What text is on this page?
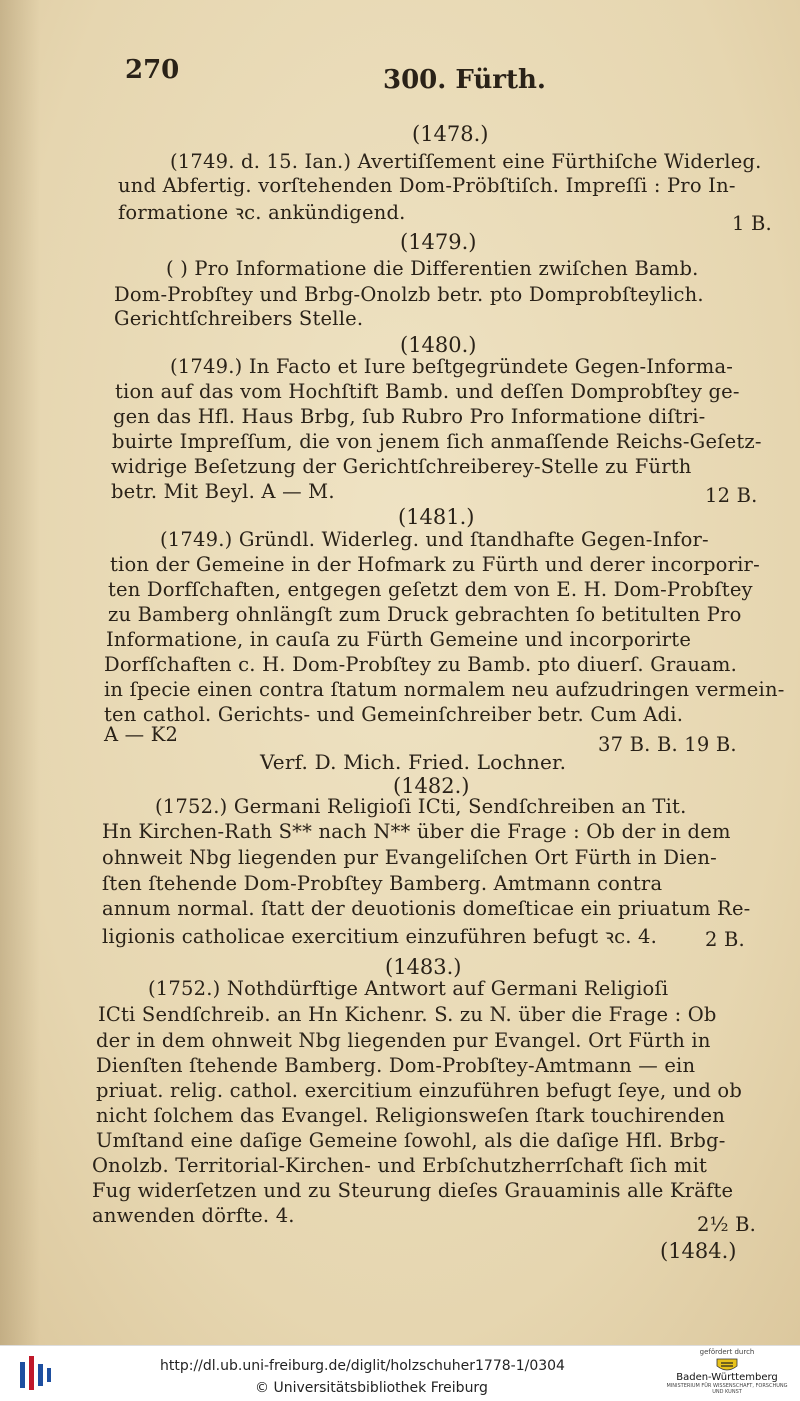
270	300. Fürth.
(1478.)
(1749. d. 15. Ian.) Avertiſſement eine Fürthiſche Widerleg.
und Abfertig. vorſtehenden Dom-Pröbſtiſch. Impreſſi : Pro In-
formatione ꝛc. ankündigend.	1 B.
(1479.)
( ) Pro Informatione die Differentien zwiſchen Bamb.
Dom-Probſtey und Brbg-Onolzb betr. pto Domprobſteylich.
Gerichtſchreibers Stelle.
(1480.)
(1749.) In Facto et Iure beſtgegründete Gegen-Informa-
tion auf das vom Hochſtift Bamb. und deſſen Domprobſtey ge-
gen das Hfl. Haus Brbg, ſub Rubro Pro Informatione diſtri-
buirte Impreſſum, die von jenem ſich anmaſſende Reichs-Geſetz-
widrige Beſetzung der Gerichtſchreiberey-Stelle zu Fürth
betr. Mit Beyl. A — M.	12 B.
(1481.)
(1749.) Gründl. Widerleg. und ſtandhafte Gegen-Infor-
tion der Gemeine in der Hofmark zu Fürth und derer incorporir-
ten Dorfſchaften, entgegen geſetzt dem von E. H. Dom-Probſtey
zu Bamberg ohnlängſt zum Druck gebrachten ſo betitulten Pro
Informatione, in cauſa zu Fürth Gemeine und incorporirte
Dorfſchaften c. H. Dom-Probſtey zu Bamb. pto diuerſ. Grauam.
in ſpecie einen contra ſtatum normalem neu aufzudringen vermein-
ten cathol. Gerichts- und Gemeinſchreiber betr. Cum Adi.
A — K2	37 B. B. 19 B.
Verf. D. Mich. Fried. Lochner.
(1482.)
(1752.) Germani Religioſi ICti, Sendſchreiben an Tit.
Hn Kirchen-Rath S** nach N** über die Frage : Ob der in dem
ohnweit Nbg liegenden pur Evangeliſchen Ort Fürth in Dien-
ſten ſtehende Dom-Probſtey Bamberg. Amtmann contra
annum normal. ſtatt der deuotionis domeſticae ein priuatum Re-
ligionis catholicae exercitium einzuführen befugt ꝛc. 4. 2 B.
(1483.)
(1752.) Nothdürftige Antwort auf Germani Religioſi
ICti Sendſchreib. an Hn Kichenr. S. zu N. über die Frage : Ob
der in dem ohnweit Nbg liegenden pur Evangel. Ort Fürth in
Dienſten ſtehende Bamberg. Dom-Probſtey-Amtmann — ein
priuat. relig. cathol. exercitium einzuführen befugt ſeye, und ob
nicht ſolchem das Evangel. Religionsweſen ſtark touchirenden
Umſtand eine daſige Gemeine ſowohl, als die daſige Hfl. Brbg-
Onolzb. Territorial-Kirchen- und Erbſchutzherrſchaft ſich mit
Fug widerſetzen und zu Steurung dieſes Grauaminis alle Kräfte
anwenden dörfte. 4.	2½ B.
(1484.)
http://dl.ub.uni-freiburg.de/diglit/holzschuher1778-1/0304
© Universitätsbibliothek Freiburg
gefördert durch
Baden-Württemberg
MINISTERIUM FÜR WISSENSCHAFT, FORSCHUNG UND KUNST
